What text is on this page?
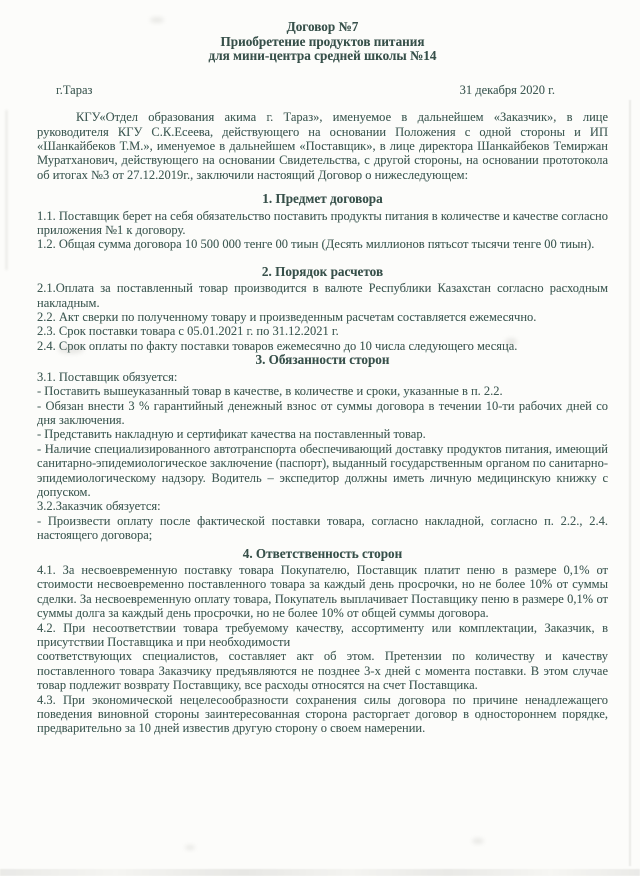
Договор №7
Приобретение продуктов питания
для мини-центра средней школы №14
г.Тараз	31 декабря 2020 г.
КГУ«Отдел образования акима г. Тараз», именуемое в дальнейшем «Заказчик», в лице руководителя КГУ С.К.Есеева, действующего на основании Положения с одной стороны и ИП «Шанкайбеков Т.М.», именуемое в дальнейшем «Поставщик», в лице директора Шанкайбеков Темиржан Муратханович, действующего на основании Свидетельства, с другой стороны, на основании прототокола об итогах №3 от 27.12.2019г., заключили настоящий Договор о нижеследующем:
1. Предмет договора
1.1. Поставщик берет на себя обязательство поставить продукты питания в количестве и качестве согласно приложения №1 к договору.
1.2. Общая сумма договора 10 500 000 тенге 00 тиын (Десять миллионов пятьсот тысячи тенге 00 тиын).
2. Порядок расчетов
2.1.Оплата за поставленный товар производится в валюте Республики Казахстан согласно расходным накладным.
2.2. Акт сверки по полученному товару и произведенным расчетам составляется ежемесячно.
2.3. Срок поставки товара с 05.01.2021 г. по 31.12.2021 г.
2.4. Срок оплаты по факту поставки товаров ежемесячно до 10 числа следующего месяца.
3. Обязанности сторон
3.1. Поставщик обязуется:
- Поставить вышеуказанный товар в качестве, в количестве и сроки, указанные в п. 2.2.
- Обязан внести 3 % гарантийный денежный взнос от суммы договора в течении 10-ти рабочих дней со дня заключения.
- Представить накладную и сертификат качества на поставленный товар.
- Наличие специализированного автотранспорта обеспечивающий доставку продуктов питания, имеющий санитарно-эпидемиологическое заключение (паспорт), выданный государственным органом по санитарно-эпидемиологическому надзору. Водитель – экспедитор должны иметь личную медицинскую книжку с допуском.
3.2.Заказчик обязуется:
- Произвести оплату после фактической поставки товара, согласно накладной, согласно п. 2.2., 2.4. настоящего договора;
4. Ответственность сторон
4.1. За несвоевременную поставку товара Покупателю, Поставщик платит пеню в размере 0,1% от стоимости несвоевременно поставленного товара за каждый день просрочки, но не более 10% от суммы сделки. За несвоевременную оплату товара, Покупатель выплачивает Поставщику пеню в размере 0,1% от суммы долга за каждый день просрочки, но не более 10% от общей суммы договора.
4.2. При несоответствии товара требуемому качеству, ассортименту или комплектации, Заказчик, в присутствии Поставщика и при необходимости
соответствующих специалистов, составляет акт об этом. Претензии по количеству и качеству поставленного товара Заказчику предъявляются не позднее 3-х дней с момента поставки. В этом случае товар подлежит возврату Поставщику, все расходы относятся на счет Поставщика.
4.3. При экономической нецелесообразности сохранения силы договора по причине ненадлежащего поведения виновной стороны заинтересованная сторона расторгает договор в одностороннем порядке, предварительно за 10 дней известив другую сторону о своем намерении.
